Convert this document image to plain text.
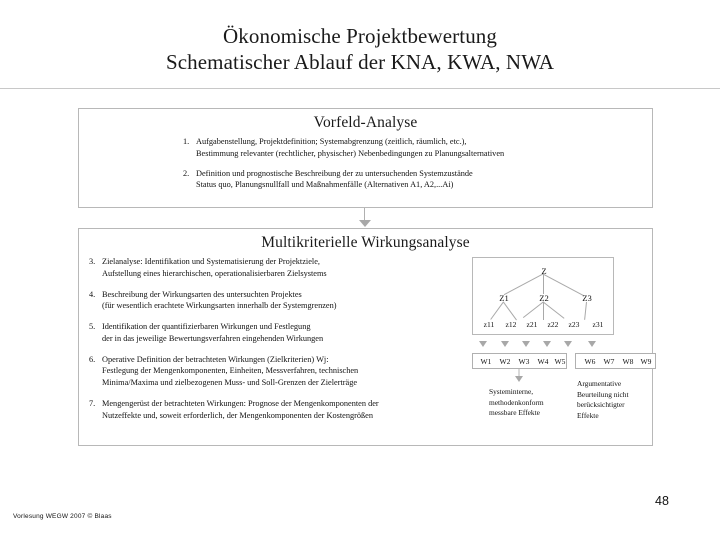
Ökonomische Projektbewertung
Schematischer Ablauf der KNA, KWA, NWA
Vorfeld-Analyse
1. Aufgabenstellung, Projektdefinition; Systemabgrenzung (zeitlich, räumlich, etc.),
Bestimmung relevanter (rechtlicher, physischer) Nebenbedingungen zu Planungsalternativen
2. Definition und prognostische Beschreibung der zu untersuchenden Systemzustände
Status quo, Planungsnullfall und Maßnahmenfälle (Alternativen A1, A2,...Ai)
Multikriterielle Wirkungsanalyse
3. Zielanalyse: Identifikation und Systematisierung der Projektziele,
Aufstellung eines hierarchischen, operationalisierbaren Zielsystems
4. Beschreibung der Wirkungsarten des untersuchten Projektes
(für wesentlich erachtete Wirkungsarten innerhalb der Systemgrenzen)
5. Identifikation der quantifizierbaren Wirkungen und Festlegung
der in das jeweilige Bewertungsverfahren eingehenden Wirkungen
6. Operative Definition der betrachteten Wirkungen (Zielkriterien) Wj:
Festlegung der Mengenkomponenten, Einheiten, Messverfahren, technischen
Minima/Maxima und zielbezogenen Muss- und Soll-Grenzen der Zielerträge
7. Mengengerüst der betrachteten Wirkungen: Prognose der Mengenkomponenten der
Nutzeffekte und, soweit erforderlich, der Mengenkomponenten der Kostengrößen
Z
Z1	Z2	Z3
z11 z12 z21 z22 z23 z31
W1 W2 W3 W4 W5	W6 W7 W8 W9
Systeminterne,
methodenkonform
messbare Effekte
Argumentative
Beurteilung nicht
berücksichtigter
Effekte
48
Vorlesung WEGW 2007 © Blaas
